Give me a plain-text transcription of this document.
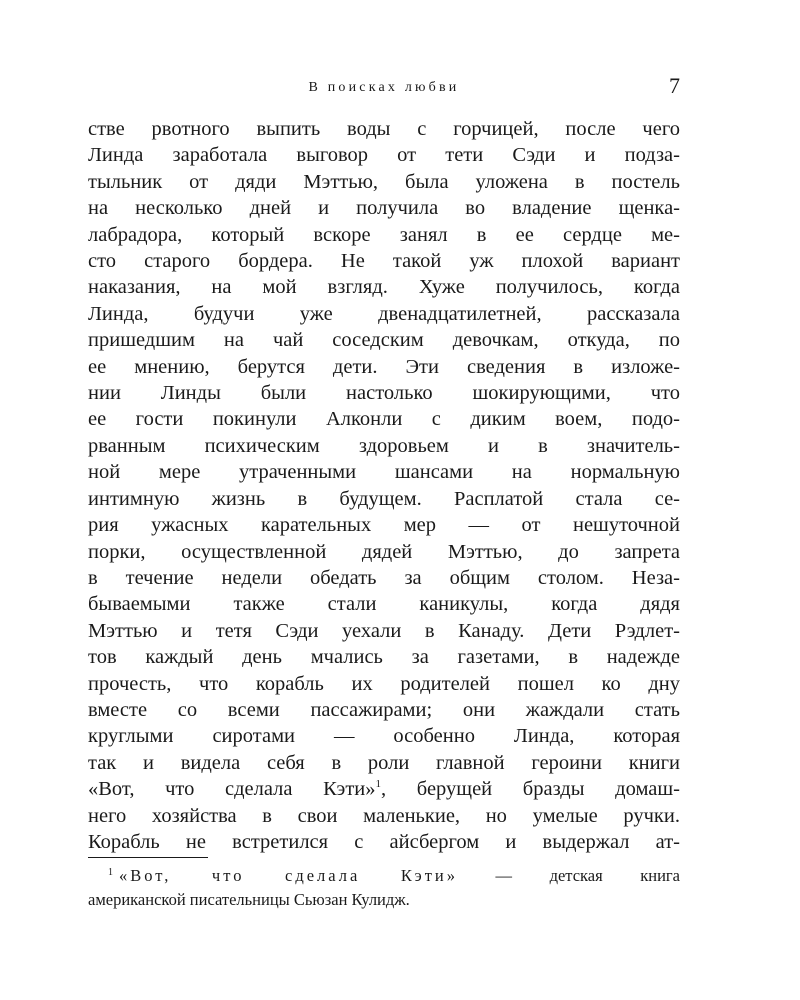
В поисках любви	7
стве рвотного выпить воды с горчицей, после чего
Линда заработала выговор от тети Сэди и подза-
тыльник от дяди Мэттью, была уложена в постель
на несколько дней и получила во владение щенка-
лабрадора, который вскоре занял в ее сердце ме-
сто старого бордера. Не такой уж плохой вариант
наказания, на мой взгляд. Хуже получилось, когда
Линда, будучи уже двенадцатилетней, рассказала
пришедшим на чай соседским девочкам, откуда, по
ее мнению, берутся дети. Эти сведения в изложе-
нии Линды были настолько шокирующими, что
ее гости покинули Алконли с диким воем, подо-
рванным психическим здоровьем и в значитель-
ной мере утраченными шансами на нормальную
интимную жизнь в будущем. Расплатой стала се-
рия ужасных карательных мер — от нешуточной
порки, осуществленной дядей Мэттью, до запрета
в течение недели обедать за общим столом. Неза-
бываемыми также стали каникулы, когда дядя
Мэттью и тетя Сэди уехали в Канаду. Дети Рэдлет-
тов каждый день мчались за газетами, в надежде
прочесть, что корабль их родителей пошел ко дну
вместе со всеми пассажирами; они жаждали стать
круглыми сиротами — особенно Линда, которая
так и видела себя в роли главной героини книги
«Вот, что сделала Кэти»$^1$, берущей бразды домаш-
него хозяйства в свои маленькие, но умелые ручки.
Корабль не встретился с айсбергом и выдержал ат-
$^1$ «Вот, что сделала Кэти» — детская книга
американской писательницы Сьюзан Кулидж.
